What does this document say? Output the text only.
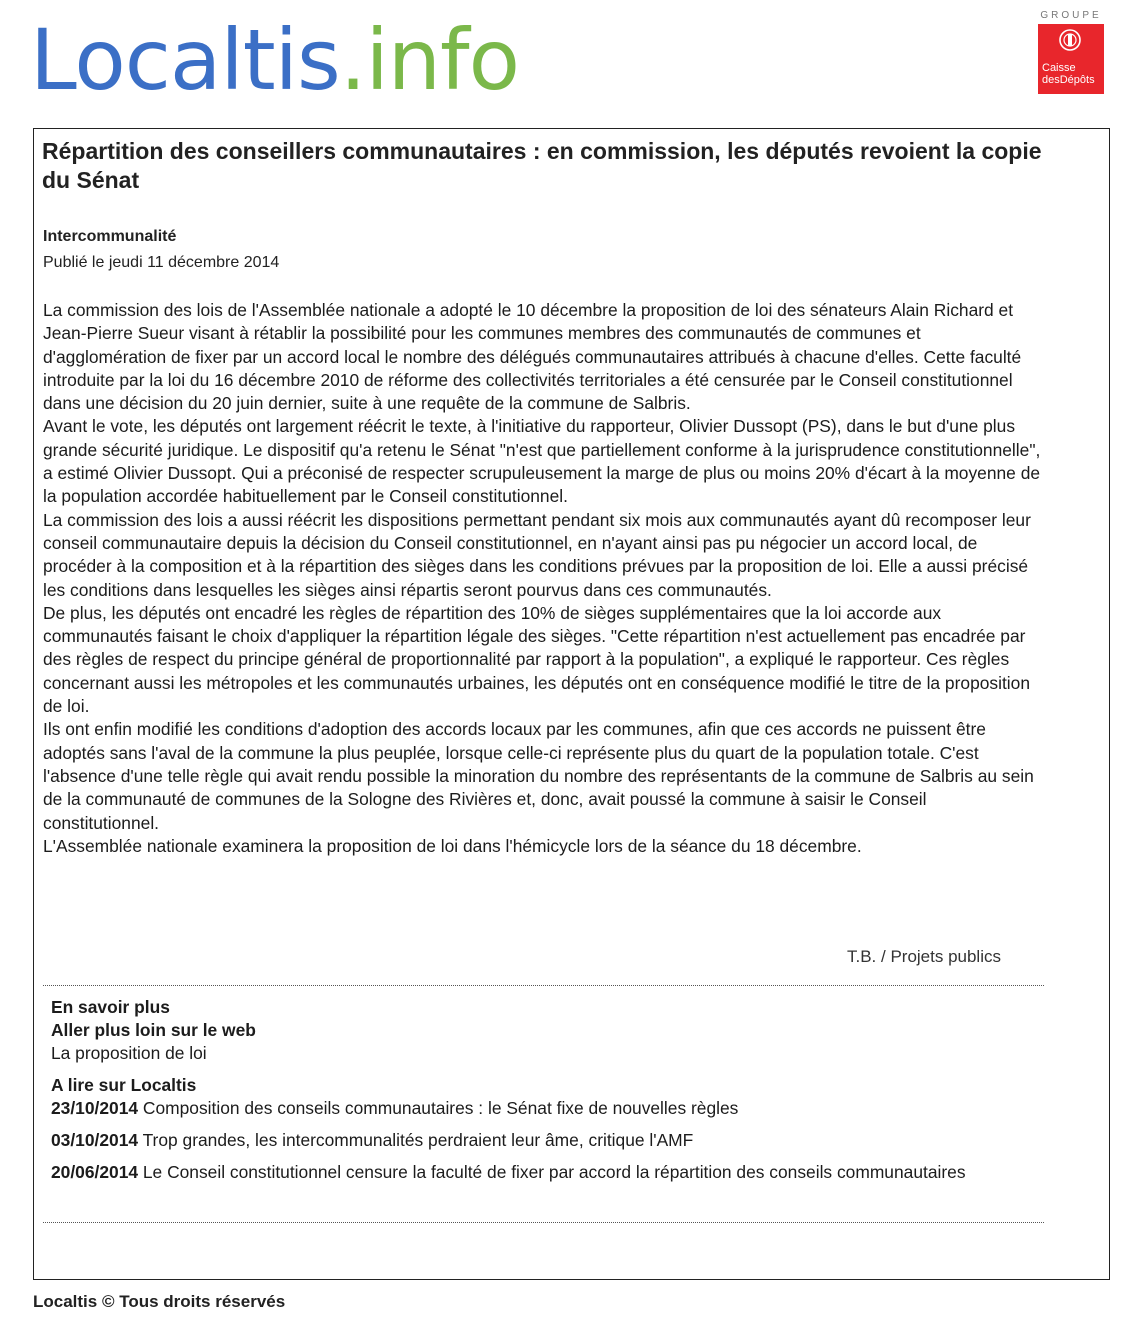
Localtis.info	GROUPE
Caisse
desDépôts
Répartition des conseillers communautaires : en commission, les députés revoient la copie du Sénat
Intercommunalité
Publié le jeudi 11 décembre 2014

La commission des lois de l'Assemblée nationale a adopté le 10 décembre la proposition de loi des sénateurs Alain Richard et Jean-Pierre Sueur visant à rétablir la possibilité pour les communes membres des communautés de communes et d'agglomération de fixer par un accord local le nombre des délégués communautaires attribués à chacune d'elles. Cette faculté introduite par la loi du 16 décembre 2010 de réforme des collectivités territoriales a été censurée par le Conseil constitutionnel dans une décision du 20 juin dernier, suite à une requête de la commune de Salbris.

Avant le vote, les députés ont largement réécrit le texte, à l'initiative du rapporteur, Olivier Dussopt (PS), dans le but d'une plus grande sécurité juridique. Le dispositif qu'a retenu le Sénat "n'est que partiellement conforme à la jurisprudence constitutionnelle", a estimé Olivier Dussopt. Qui a préconisé de respecter scrupuleusement la marge de plus ou moins 20% d'écart à la moyenne de la population accordée habituellement par le Conseil constitutionnel.

La commission des lois a aussi réécrit les dispositions permettant pendant six mois aux communautés ayant dû recomposer leur conseil communautaire depuis la décision du Conseil constitutionnel, en n'ayant ainsi pas pu négocier un accord local, de procéder à la composition et à la répartition des sièges dans les conditions prévues par la proposition de loi. Elle a aussi précisé les conditions dans lesquelles les sièges ainsi répartis seront pourvus dans ces communautés.

De plus, les députés ont encadré les règles de répartition des 10% de sièges supplémentaires que la loi accorde aux communautés faisant le choix d'appliquer la répartition légale des sièges. "Cette répartition n'est actuellement pas encadrée par des règles de respect du principe général de proportionnalité par rapport à la population", a expliqué le rapporteur. Ces règles concernant aussi les métropoles et les communautés urbaines, les députés ont en conséquence modifié le titre de la proposition de loi.

Ils ont enfin modifié les conditions d'adoption des accords locaux par les communes, afin que ces accords ne puissent être adoptés sans l'aval de la commune la plus peuplée, lorsque celle-ci représente plus du quart de la population totale. C'est l'absence d'une telle règle qui avait rendu possible la minoration du nombre des représentants de la commune de Salbris au sein de la communauté de communes de la Sologne des Rivières et, donc, avait poussé la commune à saisir le Conseil constitutionnel.

L'Assemblée nationale examinera la proposition de loi dans l'hémicycle lors de la séance du 18 décembre.

T.B. / Projets publics
En savoir plus
Aller plus loin sur le web
La proposition de loi
A lire sur Localtis
23/10/2014 Composition des conseils communautaires : le Sénat fixe de nouvelles règles
03/10/2014 Trop grandes, les intercommunalités perdraient leur âme, critique l'AMF
20/06/2014 Le Conseil constitutionnel censure la faculté de fixer par accord la répartition des conseils communautaires
Localtis © Tous droits réservés
